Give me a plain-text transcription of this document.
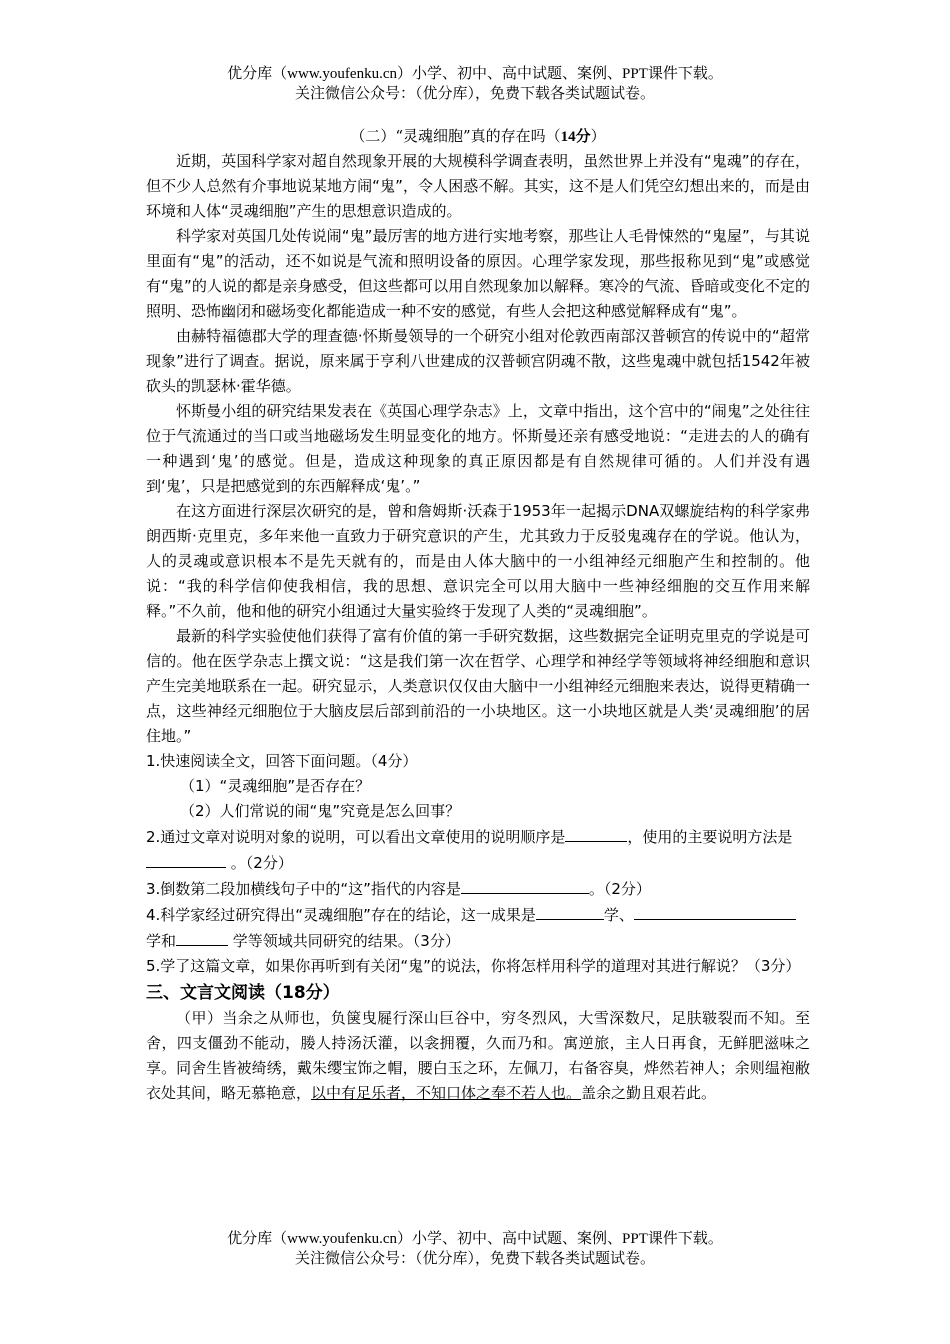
优分库（www.youfenku.cn）小学、初中、高中试题、案例、PPT课件下载。
关注微信公众号：（优分库），免费下载各类试题试卷。
（二）“灵魂细胞”真的存在吗（14分）

近期，英国科学家对超自然现象开展的大规模科学调查表明，虽然世界上并没有“鬼魂”的存在，但不少人总然有介事地说某地方闹“鬼”，令人困惑不解。其实，这不是人们凭空幻想出来的，而是由环境和人体“灵魂细胞”产生的思想意识造成的。

科学家对英国几处传说闹“鬼”最厉害的地方进行实地考察，那些让人毛骨悚然的“鬼屋”，与其说里面有“鬼”的活动，还不如说是气流和照明设备的原因。心理学家发现，那些报称见到“鬼”或感觉有“鬼”的人说的都是亲身感受，但这些都可以用自然现象加以解释。寒冷的气流、昏暗或变化不定的照明、恐怖幽闭和磁场变化都能造成一种不安的感觉，有些人会把这种感觉解释成有“鬼”。

由赫特福德郡大学的理查德·怀斯曼领导的一个研究小组对伦敦西南部汉普顿宫的传说中的“超常现象”进行了调查。据说，原来属于亨利八世建成的汉普顿宫阴魂不散，这些鬼魂中就包括1542年被砍头的凯瑟林·霍华德。

怀斯曼小组的研究结果发表在《英国心理学杂志》上，文章中指出，这个宫中的“闹鬼”之处往往位于气流通过的当口或当地磁场发生明显变化的地方。怀斯曼还亲有感受地说：“走进去的人的确有一种遇到‘鬼’的感觉。但是，造成这种现象的真正原因都是有自然规律可循的。人们并没有遇到‘鬼’，只是把感觉到的东西解释成‘鬼’。”

在这方面进行深层次研究的是，曾和詹姆斯·沃森于1953年一起揭示DNA双螺旋结构的科学家弗朗西斯·克里克，多年来他一直致力于研究意识的产生，尤其致力于反驳鬼魂存在的学说。他认为，人的灵魂或意识根本不是先天就有的，而是由人体大脑中的一小组神经元细胞产生和控制的。他说：“我的科学信仰使我相信，我的思想、意识完全可以用大脑中一些神经细胞的交互作用来解释。”不久前，他和他的研究小组通过大量实验终于发现了人类的“灵魂细胞”。

最新的科学实验使他们获得了富有价值的第一手研究数据，这些数据完全证明克里克的学说是可信的。他在医学杂志上撰文说：“这是我们第一次在哲学、心理学和神经学等领域将神经细胞和意识产生完美地联系在一起。研究显示，人类意识仅仅由大脑中一小组神经元细胞来表达，说得更精确一点，这些神经元细胞位于大脑皮层后部到前沿的一小块地区。这一小块地区就是人类‘灵魂细胞’的居住地。”

1.快速阅读全文，回答下面问题。（4分）

（1）“灵魂细胞”是否存在？

（2）人们常说的闹“鬼”究竟是怎么回事？

2.通过文章对说明对象的说明，可以看出文章使用的说明顺序是	，使用的主要说明方法是 。（2分）

3.倒数第二段加横线句子中的“这”指代的内容是	。（2分）

4.科学家经过研究得出“灵魂细胞”存在的结论，这一成果是	学、学和	学等领域共同研究的结果。（3分）

5.学了这篇文章，如果你再听到有关闭“鬼”的说法，你将怎样用科学的道理对其进行解说？（3分）

三、文言文阅读（18分）

（甲）当余之从师也，负箧曳屣行深山巨谷中，穷冬烈风，大雪深数尺，足肤皲裂而不知。至舍，四支僵劲不能动，媵人持汤沃灌，以衾拥覆，久而乃和。寓逆旅，主人日再食，无鲜肥滋味之享。同舍生皆被绮绣，戴朱缨宝饰之帽，腰白玉之环，左佩刀，右备容臭，烨然若神人；余则缊袍敝衣处其间，略无慕艳意，以中有足乐者，不知口体之奉不若人也。盖余之勤且艰若此。

优分库（www.youfenku.cn）小学、初中、高中试题、案例、PPT课件下载。
关注微信公众号：（优分库），免费下载各类试题试卷。
